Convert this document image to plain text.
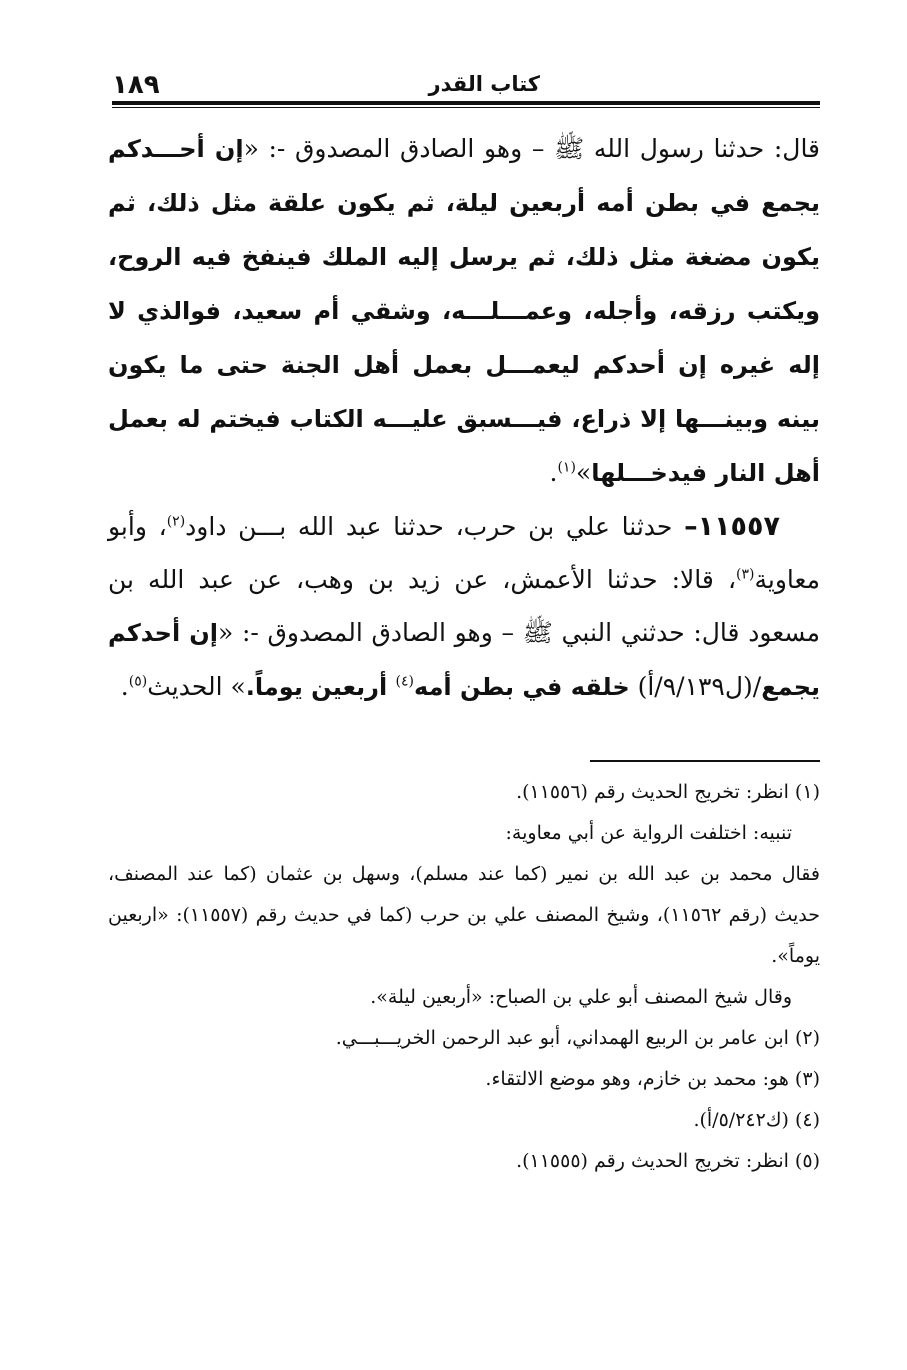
كتاب القدر
١٨٩

قال: حدثنا رسول الله ﷺ – وهو الصادق المصدوق -: «إن أحـــدكم يجمع في بطن أمه أربعين ليلة، ثم يكون علقة مثل ذلك، ثم يكون مضغة مثل ذلك، ثم يرسل إليه الملك فينفخ فيه الروح، ويكتب رزقه، وأجله، وعمـــلـــه، وشقي أم سعيد، فوالذي لا إله غيره إن أحدكم ليعمـــل بعمل أهل الجنة حتى ما يكون بينه وبينـــها إلا ذراع، فيـــسبق عليـــه الكتاب فيختم له بعمل أهل النار فيدخـــلها»$^{(١)}$.

١١٥٥٧– حدثنا علي بن حرب، حدثنا عبد الله بـــن داود$^{(٢)}$، وأبو معاوية$^{(٣)}$، قالا: حدثنا الأعمش، عن زيد بن وهب، عن عبد الله بن مسعود قال: حدثني النبي ﷺ – وهو الصادق المصدوق -: «إن أحدكم يجمع/(ل٩/١٣٩/أ) خلقه في بطن أمه$^{(٤)}$ أربعين يوماً.» الحديث$^{(٥)}$.

(١) انظر: تخريج الحديث رقم (١١٥٥٦).

تنبيه: اختلفت الرواية عن أبي معاوية:

فقال محمد بن عبد الله بن نمير (كما عند مسلم)، وسهل بن عثمان (كما عند المصنف، حديث (رقم ١١٥٦٢)، وشيخ المصنف علي بن حرب (كما في حديث رقم (١١٥٥٧): «اربعين يوماً».

وقال شيخ المصنف أبو علي بن الصباح: «أربعين ليلة».

(٢) ابن عامر بن الربيع الهمداني، أبو عبد الرحمن الخريـــبـــي.

(٣) هو: محمد بن خازم، وهو موضع الالتقاء.

(٤) (ك٥/٢٤٢/أ).

(٥) انظر: تخريج الحديث رقم (١١٥٥٥).
